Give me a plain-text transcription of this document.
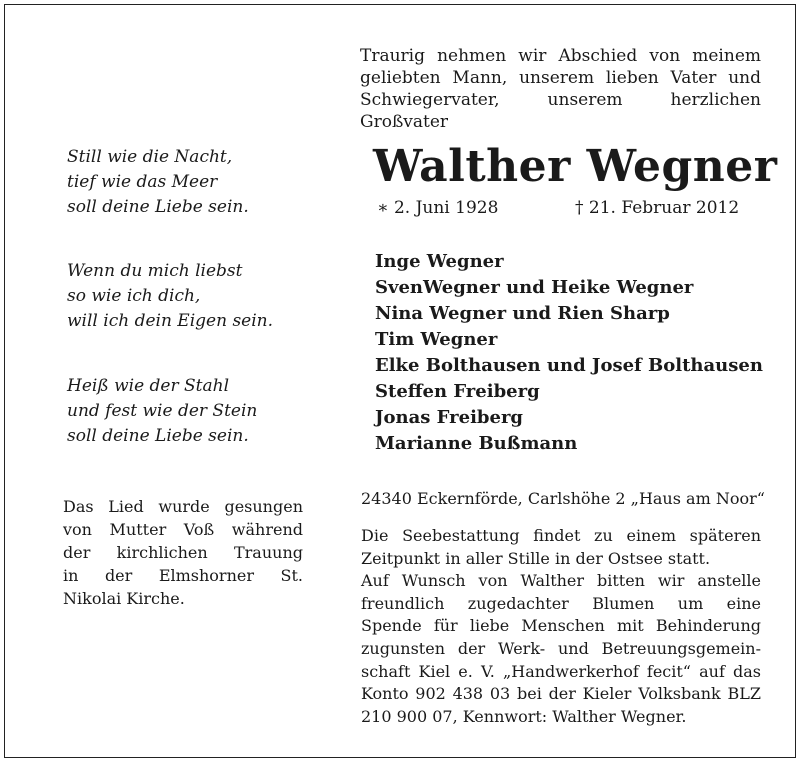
Traurig nehmen wir Abschied von meinem
geliebten Mann, unserem lieben Vater und
Schwiegervater, unserem herzlichen Großvater
Walther Wegner
∗ 2. Juni 1928	† 21. Februar 2012
Inge Wegner
SvenWegner und Heike Wegner
Nina Wegner und Rien Sharp
Tim Wegner
Elke Bolthausen und Josef Bolthausen
Steffen Freiberg
Jonas Freiberg
Marianne Bußmann
Still wie die Nacht,
tief wie das Meer
soll deine Liebe sein.
Wenn du mich liebst
so wie ich dich,
will ich dein Eigen sein.
Heiß wie der Stahl
und fest wie der Stein
soll deine Liebe sein.
Das Lied wurde gesungen
von Mutter Voß während
der kirchlichen Trauung
in der Elmshorner St.
Nikolai Kirche.
24340 Eckernförde, Carlshöhe 2 „Haus am Noor“
Die Seebestattung findet zu einem späteren
Zeitpunkt in aller Stille in der Ostsee statt.
Auf Wunsch von Walther bitten wir anstelle
freundlich zugedachter Blumen um eine
Spende für liebe Menschen mit Behinderung
zugunsten der Werk- und Betreuungsgemein-
schaft Kiel e. V. „Handwerkerhof fecit“ auf das
Konto 902 438 03 bei der Kieler Volksbank BLZ
210 900 07, Kennwort: Walther Wegner.
